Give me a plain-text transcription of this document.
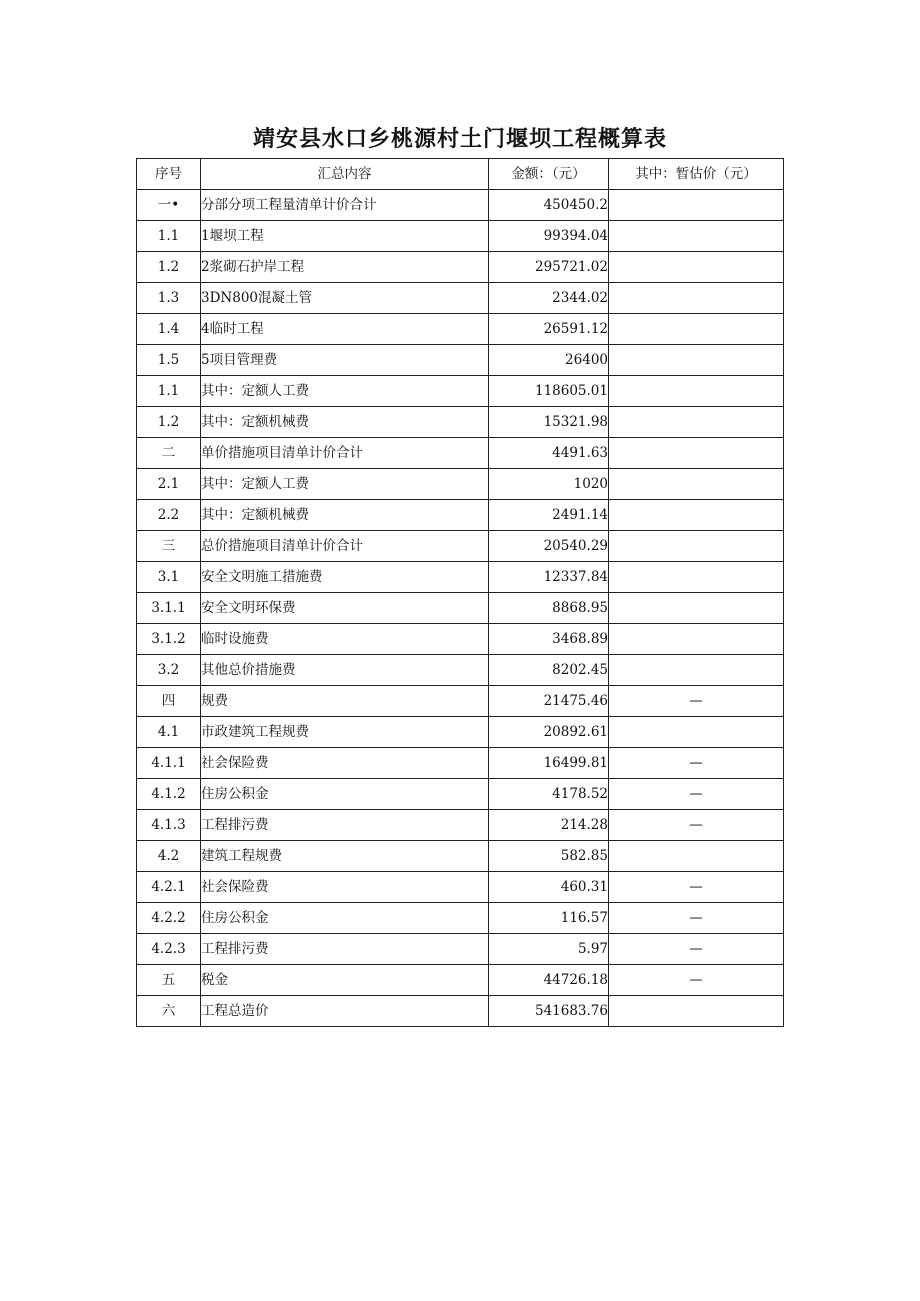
靖安县水口乡桃源村土门堰坝工程概算表
序号	汇总内容	金额：（元）	其中：暂估价（元）
一•	分部分项工程量清单计价合计	450450.2	
1.1	1堰坝工程	99394.04	
1.2	2浆砌石护岸工程	295721.02	
1.3	3DN800混凝土管	2344.02	
1.4	4临时工程	26591.12	
1.5	5项目管理费	26400	
1.1	其中：定额人工费	118605.01	
1.2	其中：定额机械费	15321.98	
二	单价措施项目清单计价合计	4491.63	
2.1	其中：定额人工费	1020	
2.2	其中：定额机械费	2491.14	
三	总价措施项目清单计价合计	20540.29	
3.1	安全文明施工措施费	12337.84	
3.1.1	安全文明环保费	8868.95	
3.1.2	临时设施费	3468.89	
3.2	其他总价措施费	8202.45	
四	规费	21475.46	—
4.1	市政建筑工程规费	20892.61	
4.1.1	社会保险费	16499.81	—
4.1.2	住房公积金	4178.52	—
4.1.3	工程排污费	214.28	—
4.2	建筑工程规费	582.85	
4.2.1	社会保险费	460.31	—
4.2.2	住房公积金	116.57	—
4.2.3	工程排污费	5.97	—
五	税金	44726.18	—
六	工程总造价	541683.76	
